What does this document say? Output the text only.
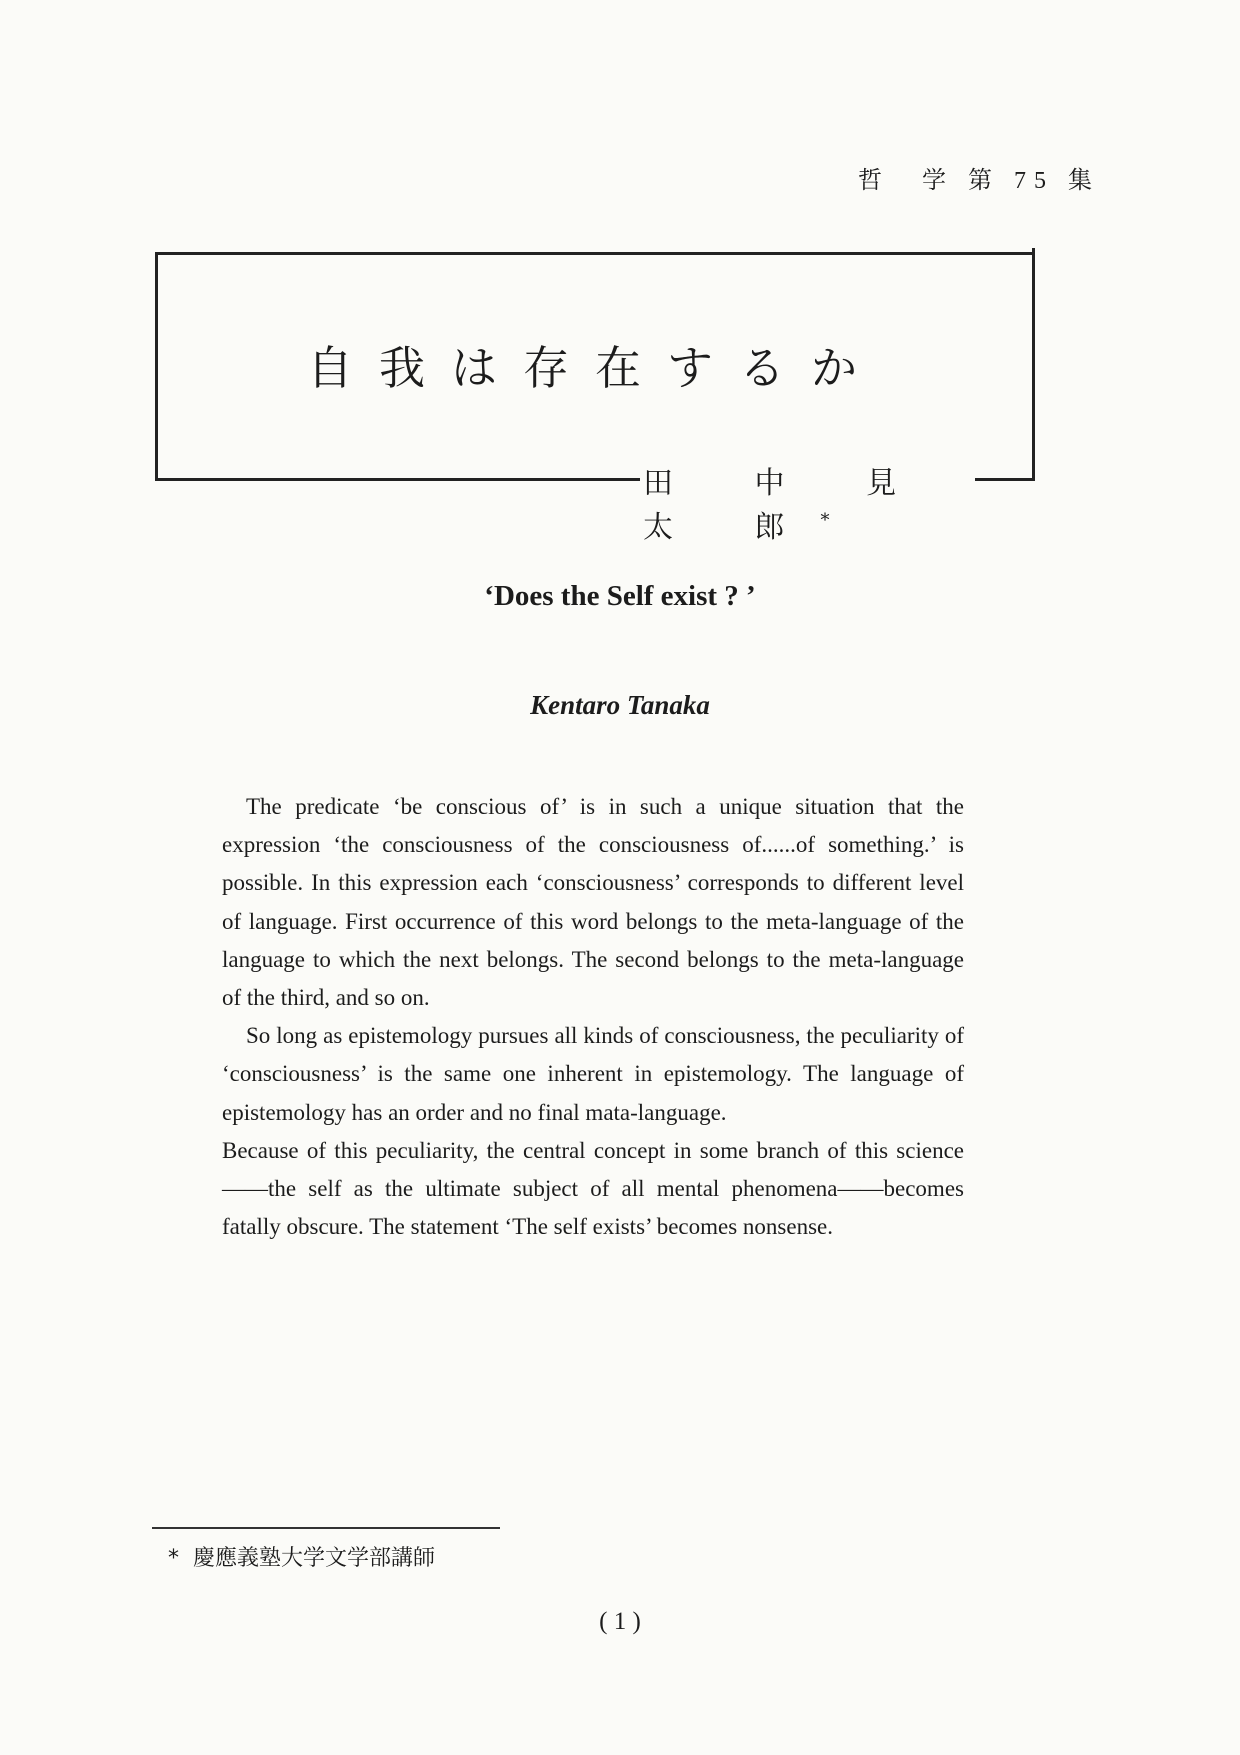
哲　学 第 75 集
自我は存在するか
田 中 見 太 郎*
‘Does the Self exist ? ’
Kentaro Tanaka

The predicate ‘be conscious of’ is in such a unique situation that the expression ‘the consciousness of the consciousness of......of something.’ is possible. In this expression each ‘consciousness’ corresponds to different level of language. First occurrence of this word belongs to the meta-language of the language to which the next belongs. The second belongs to the meta-language of the third, and so on.

So long as epistemology pursues all kinds of consciousness, the peculiarity of ‘consciousness’ is the same one inherent in epistemology. The language of epistemology has an order and no final mata-language.

Because of this peculiarity, the central concept in some branch of this science——the self as the ultimate subject of all mental phenomena——becomes fatally obscure. The statement ‘The self exists’ becomes nonsense.

* 慶應義塾大学文学部講師
( 1 )
